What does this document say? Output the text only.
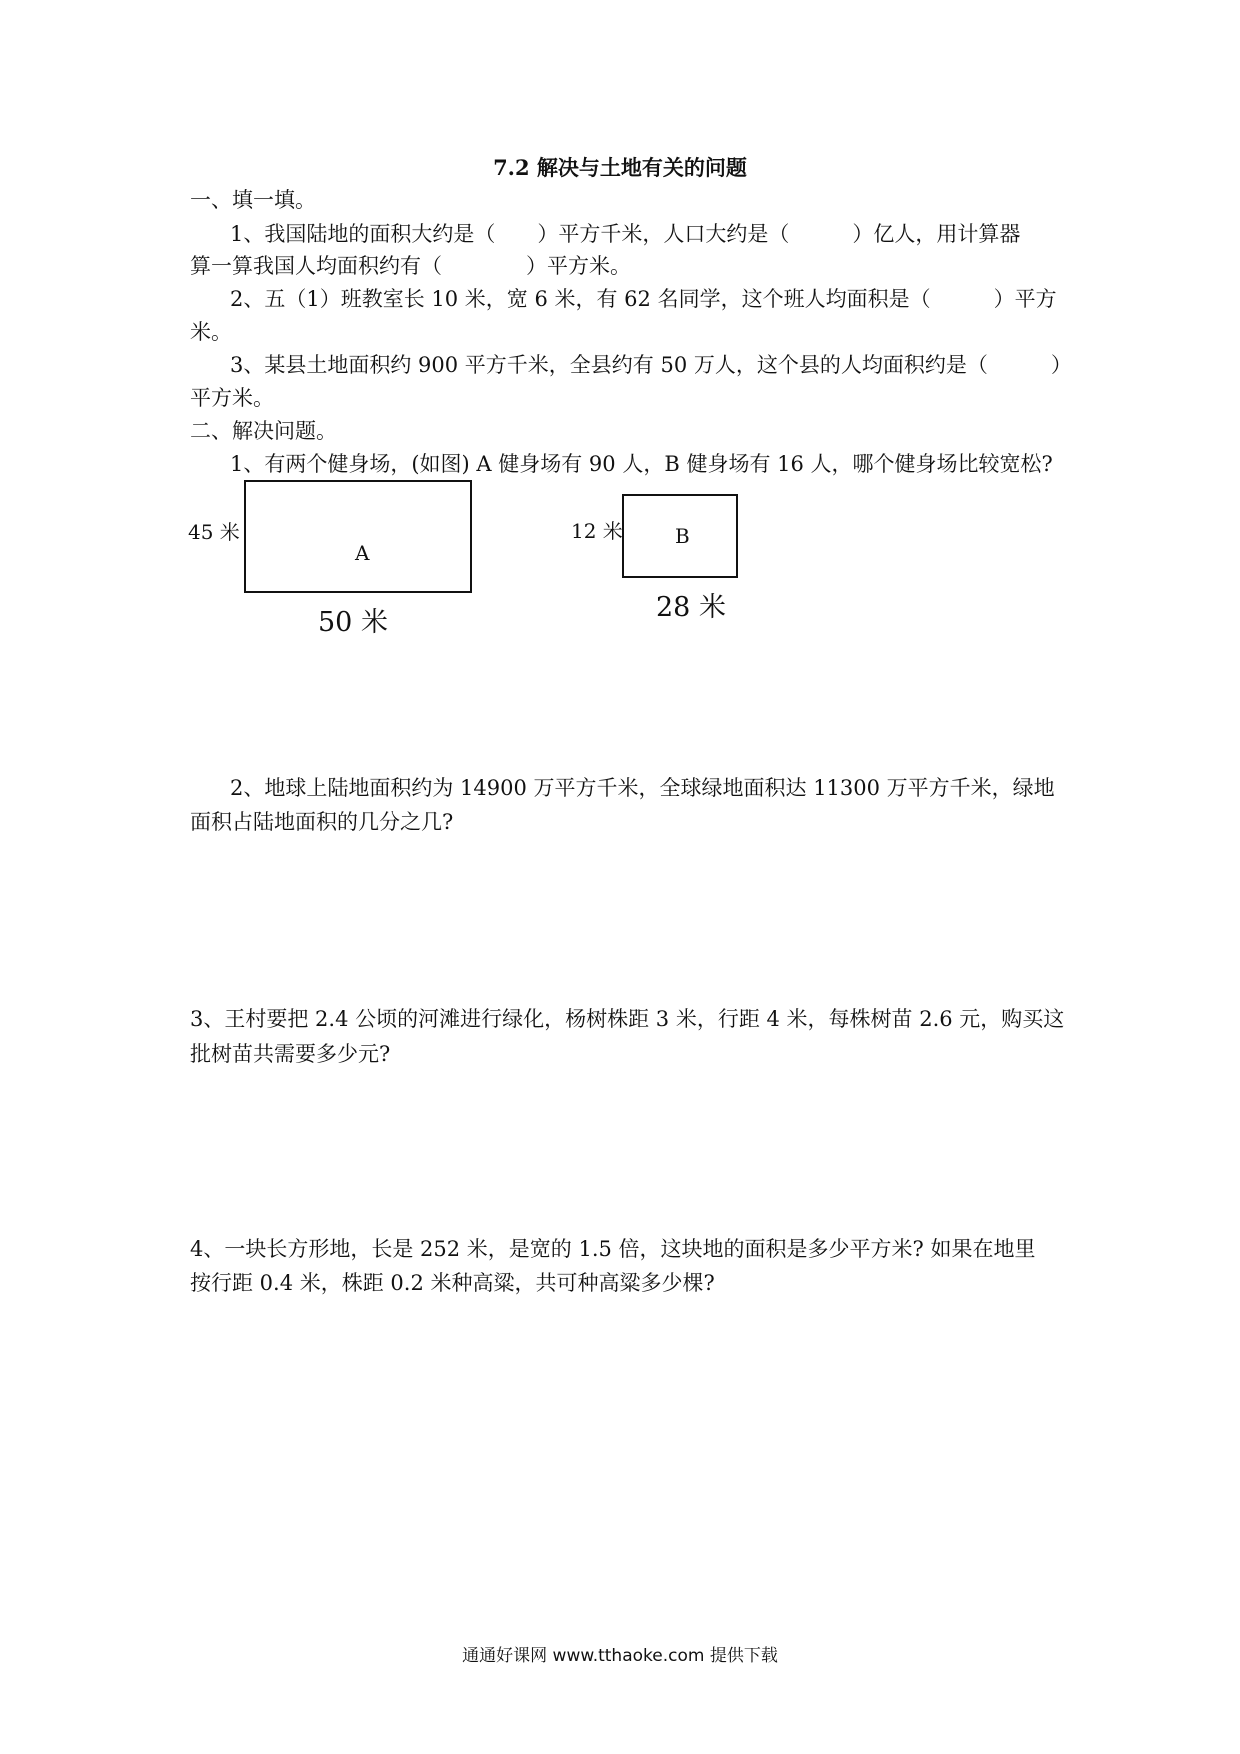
7.2 解决与土地有关的问题

一、填一填。

1、我国陆地的面积大约是（　　）平方千米，人口大约是（　　　）亿人，用计算器

算一算我国人均面积约有（　　　　）平方米。

2、五（1）班教室长 10 米，宽 6 米，有 62 名同学，这个班人均面积是（　　　）平方

米。

3、某县土地面积约 900 平方千米，全县约有 50 万人，这个县的人均面积约是（　　　）

平方米。

二、解决问题。

1、有两个健身场，(如图) A 健身场有 90 人，B 健身场有 16 人，哪个健身场比较宽松?

45 米
A
50 米
12 米	B
28 米

2、地球上陆地面积约为 14900 万平方千米，全球绿地面积达 11300 万平方千米，绿地

面积占陆地面积的几分之几?

3、王村要把 2.4 公顷的河滩进行绿化，杨树株距 3 米，行距 4 米，每株树苗 2.6 元，购买这

批树苗共需要多少元?

4、一块长方形地，长是 252 米，是宽的 1.5 倍，这块地的面积是多少平方米? 如果在地里

按行距 0.4 米，株距 0.2 米种高粱，共可种高粱多少棵?

通通好课网 www.tthaoke.com 提供下载
